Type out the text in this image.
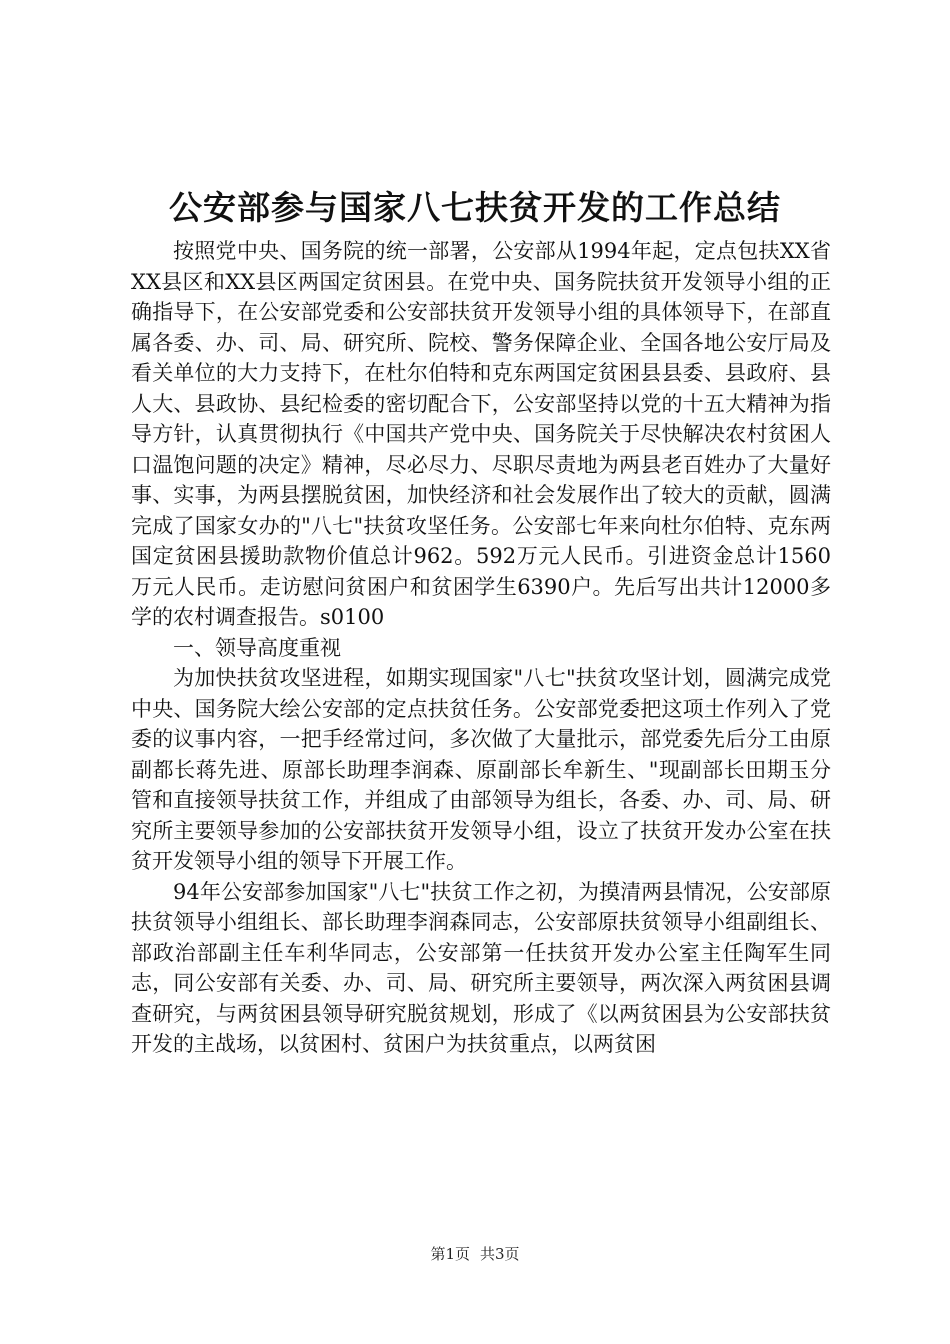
公安部参与国家八七扶贫开发的工作总结

按照党中央、国务院的统一部署，公安部从1994年起，定点包扶XX省XX县区和XX县区两国定贫困县。在党中央、国务院扶贫开发领导小组的正确指导下，在公安部党委和公安部扶贫开发领导小组的具体领导下，在部直属各委、办、司、局、研究所、院校、警务保障企业、全国各地公安厅局及看关单位的大力支持下，在杜尔伯特和克东两国定贫困县县委、县政府、县人大、县政协、县纪检委的密切配合下，公安部坚持以党的十五大精神为指导方针，认真贯彻执行《中国共产党中央、国务院关于尽快解决农村贫困人口温饱问题的决定》精神，尽必尽力、尽职尽责地为两县老百姓办了大量好事、实事，为两县摆脱贫困，加快经济和社会发展作出了较大的贡献，圆满完成了国家女办的"八七"扶贫攻坚任务。公安部七年来向杜尔伯特、克东两国定贫困县援助款物价值总计962。592万元人民币。引进资金总计1560万元人民币。走访慰问贫困户和贫困学生6390户。先后写出共计12000多学的农村调查报告。s0100

一、领导高度重视

为加快扶贫攻坚进程，如期实现国家"八七"扶贫攻坚计划，圆满完成党中央、国务院大绘公安部的定点扶贫任务。公安部党委把这项土作列入了党委的议事内容，一把手经常过问，多次做了大量批示，部党委先后分工由原副都长蒋先进、原部长助理李润森、原副部长牟新生、"现副部长田期玉分管和直接领导扶贫工作，并组成了由部领导为组长，各委、办、司、局、研究所主要领导参加的公安部扶贫开发领导小组，设立了扶贫开发办公室在扶贫开发领导小组的领导下开展工作。

94年公安部参加国家"八七"扶贫工作之初，为摸清两县情况，公安部原扶贫领导小组组长、部长助理李润森同志，公安部原扶贫领导小组副组长、部政治部副主任车利华同志，公安部第一任扶贫开发办公室主任陶军生同志，同公安部有关委、办、司、局、研究所主要领导，两次深入两贫困县调查研究，与两贫困县领导研究脱贫规划，形成了《以两贫困县为公安部扶贫开发的主战场，以贫困村、贫困户为扶贫重点，以两贫困

第1页 共3页
